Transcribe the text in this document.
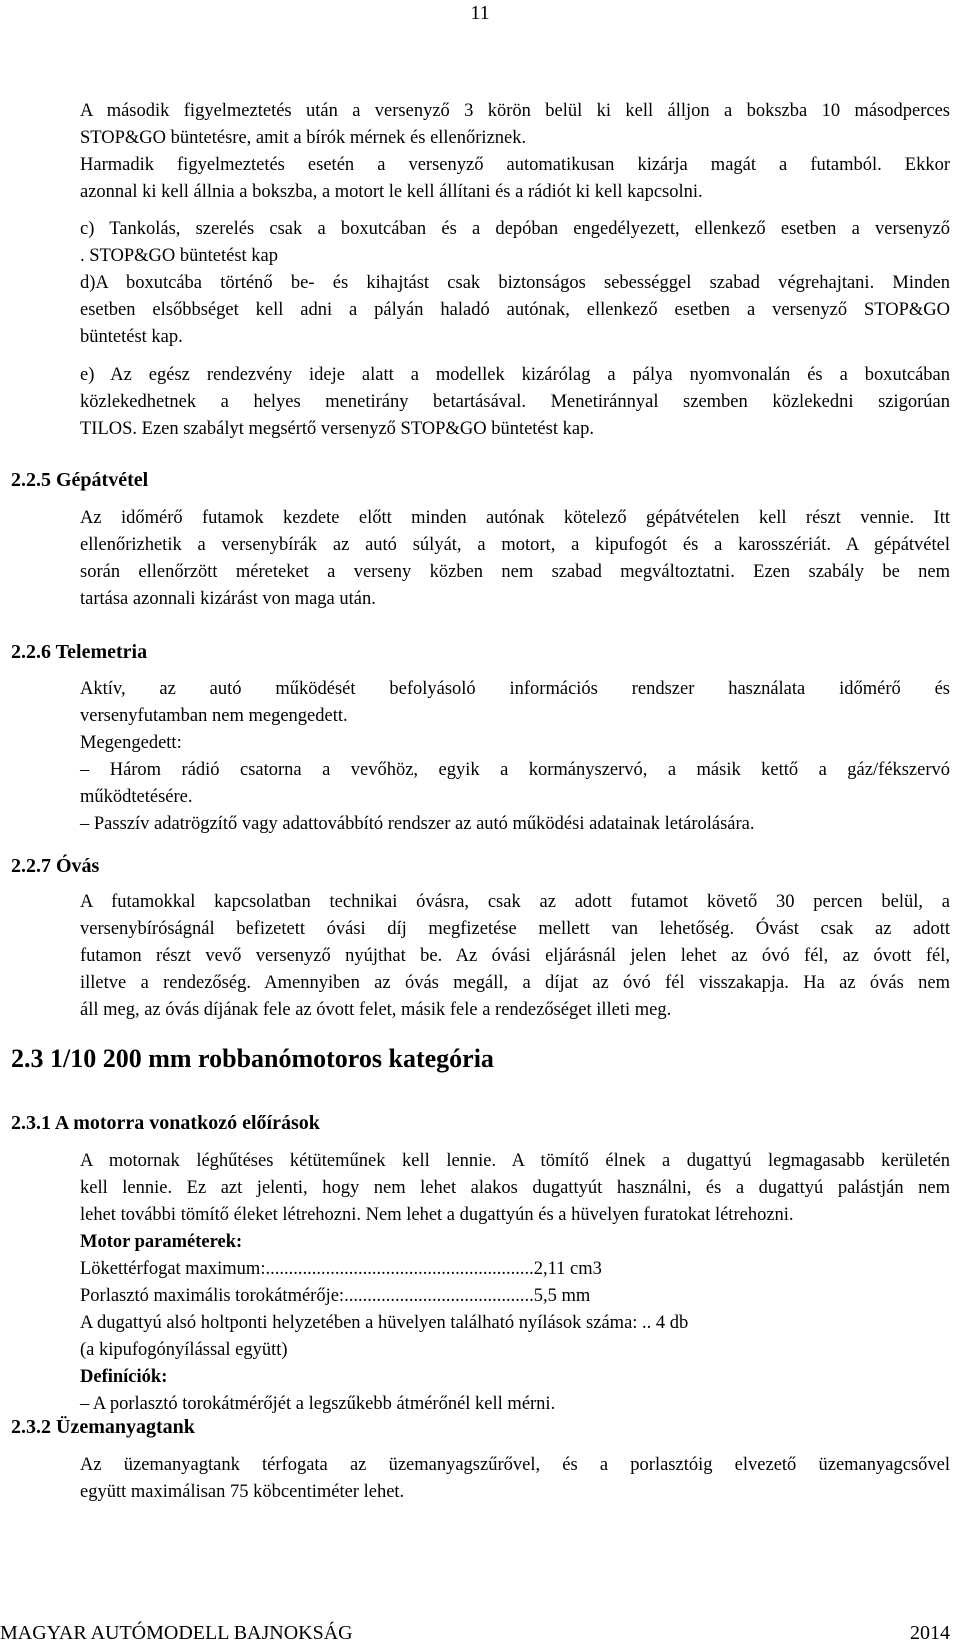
11
A második figyelmeztetés után a versenyző 3 körön belül ki kell álljon a bokszba 10 másodperces
STOP&GO büntetésre, amit a bírók mérnek és ellenőriznek.
Harmadik figyelmeztetés esetén a versenyző automatikusan kizárja magát a futamból. Ekkor
azonnal ki kell állnia a bokszba, a motort le kell állítani és a rádiót ki kell kapcsolni.
c) Tankolás, szerelés csak a boxutcában és a depóban engedélyezett, ellenkező esetben a versenyző
. STOP&GO büntetést kap
d)A boxutcába történő be- és kihajtást csak biztonságos sebességgel szabad végrehajtani. Minden
esetben elsőbbséget kell adni a pályán haladó autónak, ellenkező esetben a versenyző STOP&GO
büntetést kap.
e) Az egész rendezvény ideje alatt a modellek kizárólag a pálya nyomvonalán és a boxutcában
közlekedhetnek a helyes menetirány betartásával. Menetiránnyal szemben közlekedni szigorúan
TILOS. Ezen szabályt megsértő versenyző STOP&GO büntetést kap.
2.2.5 Gépátvétel
Az időmérő futamok kezdete előtt minden autónak kötelező gépátvételen kell részt vennie. Itt
ellenőrizhetik a versenybírák az autó súlyát, a motort, a kipufogót és a karosszériát. A gépátvétel
során ellenőrzött méreteket a verseny közben nem szabad megváltoztatni. Ezen szabály be nem
tartása azonnali kizárást von maga után.
2.2.6 Telemetria
Aktív, az autó működését befolyásoló információs rendszer használata időmérő és
versenyfutamban nem megengedett.
Megengedett:
– Három rádió csatorna a vevőhöz, egyik a kormányszervó, a másik kettő a gáz/fékszervó
működtetésére.
– Passzív adatrögzítő vagy adattovábbító rendszer az autó működési adatainak letárolására.
2.2.7 Óvás
A futamokkal kapcsolatban technikai óvásra, csak az adott futamot követő 30 percen belül, a
versenybíróságnál befizetett óvási díj megfizetése mellett van lehetőség. Óvást csak az adott
futamon részt vevő versenyző nyújthat be. Az óvási eljárásnál jelen lehet az óvó fél, az óvott fél,
illetve a rendezőség. Amennyiben az óvás megáll, a díjat az óvó fél visszakapja. Ha az óvás nem
áll meg, az óvás díjának fele az óvott felet, másik fele a rendezőséget illeti meg.
2.3 1/10 200 mm robbanómotoros kategória
2.3.1 A motorra vonatkozó előírások
A motornak léghűtéses kétüteműnek kell lennie. A tömítő élnek a dugattyú legmagasabb kerületén
kell lennie. Ez azt jelenti, hogy nem lehet alakos dugattyút használni, és a dugattyú palástján nem
lehet további tömítő éleket létrehozni. Nem lehet a dugattyún és a hüvelyen furatokat létrehozni.
Motor paraméterek:
Lökettérfogat maximum:..........................................................2,11 cm3
Porlasztó maximális torokátmérője:.........................................5,5 mm
A dugattyú alsó holtponti helyzetében a hüvelyen található nyílások száma: .. 4 db
(a kipufogónyílással együtt)
Definíciók:
– A porlasztó torokátmérőjét a legszűkebb átmérőnél kell mérni.
2.3.2 Üzemanyagtank
Az üzemanyagtank térfogata az üzemanyagszűrővel, és a porlasztóig elvezető üzemanyagcsővel
együtt maximálisan 75 köbcentiméter lehet.
MAGYAR AUTÓMODELL BAJNOKSÁG	2014
